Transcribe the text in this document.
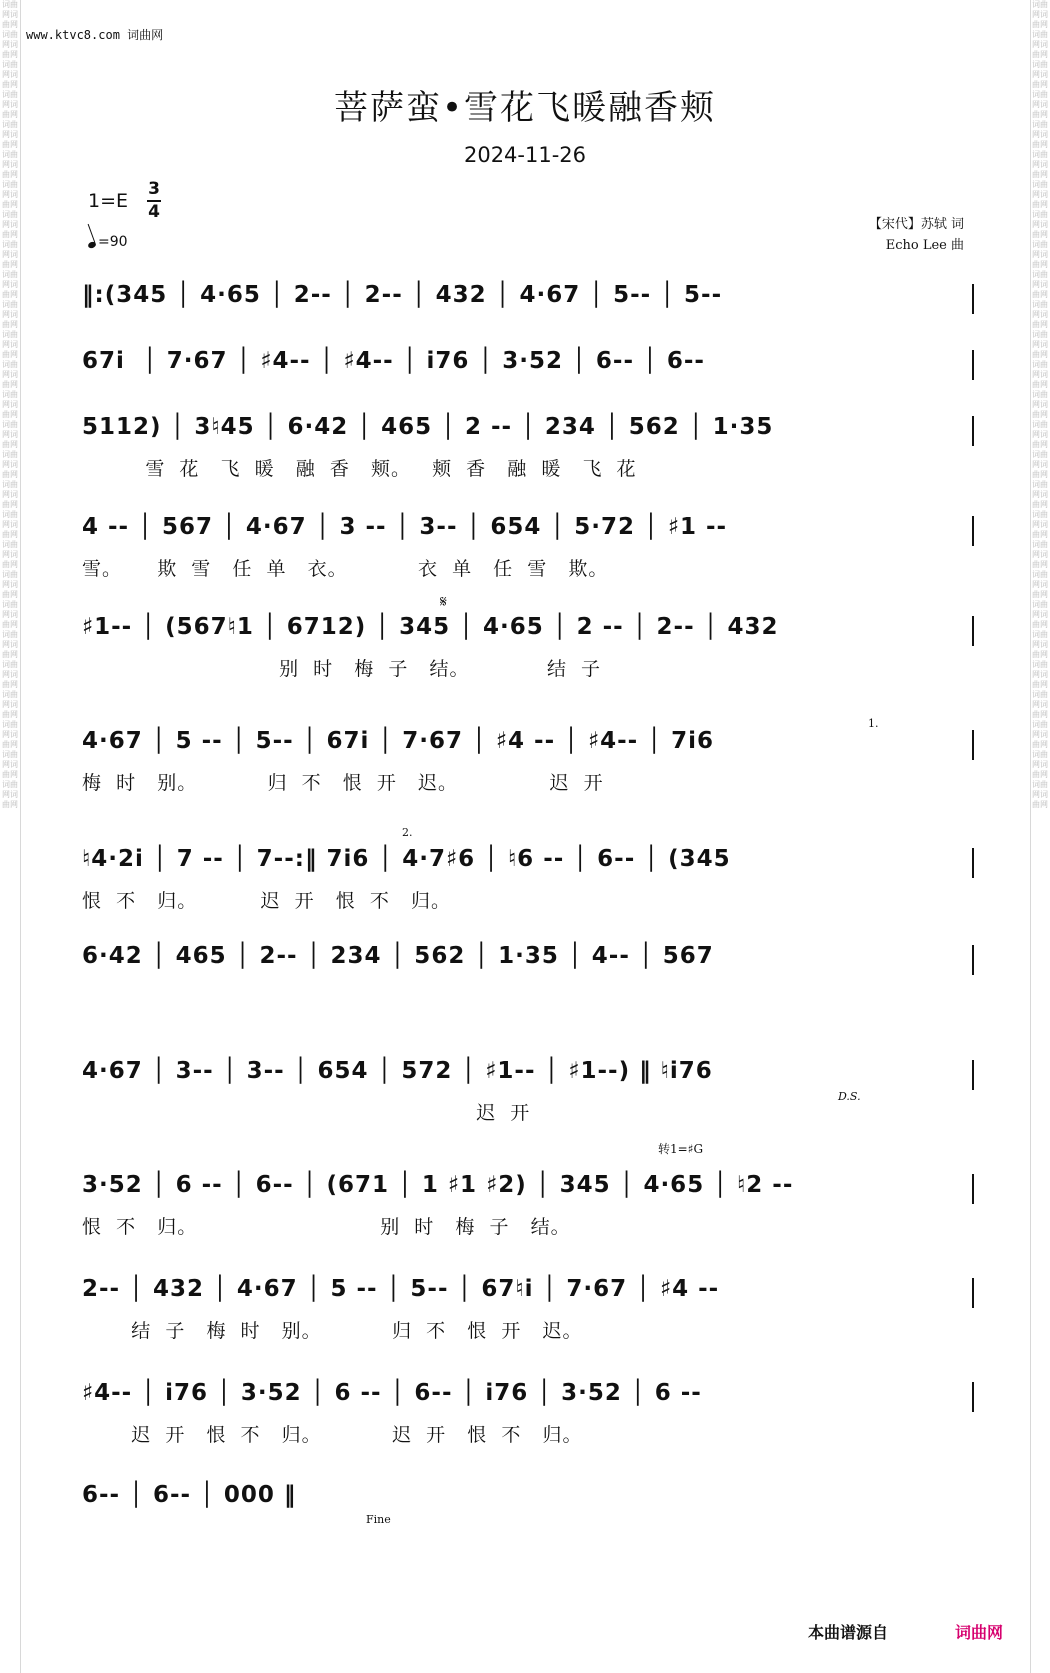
词曲网词曲网词曲网词曲网词曲网词曲网词曲网词曲网词曲网词曲网词曲网词曲网词曲网词曲网词曲网词曲网词曲网词曲网词曲网词曲网词曲网词曲网词曲网词曲网词曲网词曲网词曲网词曲网词曲网词曲网词曲网词曲网词曲网词曲网词曲网词曲网词曲网词曲网词曲网词曲网词曲网词曲网词曲网词曲网词曲网词曲网词曲网词曲网词曲网词曲网词曲网词曲网词曲网词曲网
词曲网词曲网词曲网词曲网词曲网词曲网词曲网词曲网词曲网词曲网词曲网词曲网词曲网词曲网词曲网词曲网词曲网词曲网词曲网词曲网词曲网词曲网词曲网词曲网词曲网词曲网词曲网词曲网词曲网词曲网词曲网词曲网词曲网词曲网词曲网词曲网词曲网词曲网词曲网词曲网词曲网词曲网词曲网词曲网词曲网词曲网词曲网词曲网词曲网词曲网词曲网词曲网词曲网词曲网
www.ktvc8.com 词曲网
菩萨蛮•雪花飞暖融香颊
2024-11-26
1=E
3
4
=90
【宋代】苏轼 词
Echo Lee 曲
‖:(345 │ 4·65 │ 2-- │ 2-- │ 432 │ 4·67 │ 5-- │ 5--
67i  │ 7·67 │ ♯4-- │ ♯4-- │ i76 │ 3·52 │ 6-- │ 6--
5112) │ 3♮45 │ 6·42 │ 465 │ 2 -- │ 234 │ 562 │ 1·35
雪  花   飞  暖   融  香   颊。   颊  香   融  暖   飞  花
4 -- │ 567 │ 4·67 │ 3 -- │ 3-- │ 654 │ 5·72 │ ♯1 --
雪。     欺  雪   任  单   衣。          衣  单   任  雪   欺。
♯1-- │ (567♮1 │ 6712) │ 345 │ 4·65 │ 2 -- │ 2-- │ 432
别  时   梅  子   结。           结  子
4·67 │ 5 -- │ 5-- │ 67i │ 7·67 │ ♯4 -- │ ♯4-- │ 7i6
梅  时   别。          归  不   恨  开   迟。             迟  开
♮4·2i │ 7 -- │ 7--:‖ 7i6 │ 4·7♯6 │ ♮6 -- │ 6-- │ (345
恨  不   归。         迟  开   恨  不   归。
6·42 │ 465 │ 2-- │ 234 │ 562 │ 1·35 │ 4-- │ 567
4·67 │ 3-- │ 3-- │ 654 │ 572 │ ♯1-- │ ♯1--) ‖ ♮i76
迟  开
3·52 │ 6 -- │ 6-- │ (671 │ 1 ♯1 ♯2) │ 345 │ 4·65 │ ♮2 --
恨  不   归。                          别  时   梅  子   结。
2-- │ 432 │ 4·67 │ 5 -- │ 5-- │ 67♮i │ 7·67 │ ♯4 --
结  子   梅  时   别。          归  不   恨  开   迟。
♯4-- │ i76 │ 3·52 │ 6 -- │ 6-- │ i76 │ 3·52 │ 6 --
迟  开   恨  不   归。          迟  开   恨  不   归。
6-- │ 6-- │ 000 ‖
𝄋
1.
2.
D.S.
转1=♯G
Fine
本曲谱源自	词曲网
